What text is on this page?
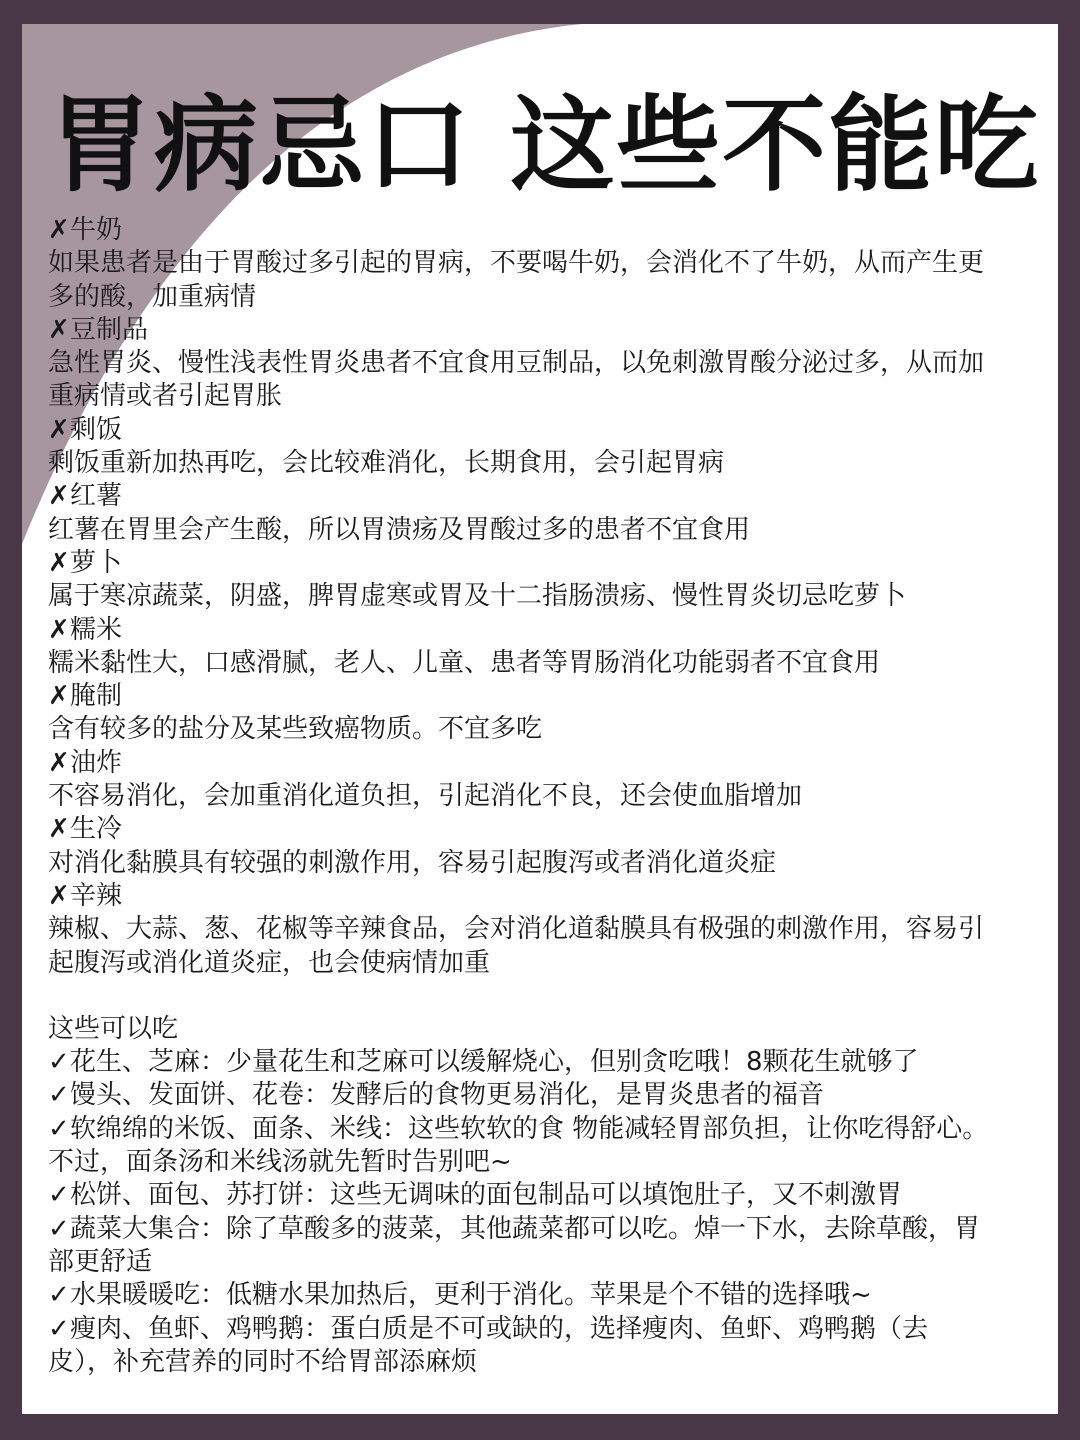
胃病忌口 这些不能吃
✗牛奶
如果患者是由于胃酸过多引起的胃病，不要喝牛奶，会消化不了牛奶，从而产生更
多的酸，加重病情
✗豆制品
急性胃炎、慢性浅表性胃炎患者不宜食用豆制品，以免刺激胃酸分泌过多，从而加
重病情或者引起胃胀
✗剩饭
剩饭重新加热再吃，会比较难消化，长期食用，会引起胃病
✗红薯
红薯在胃里会产生酸，所以胃溃疡及胃酸过多的患者不宜食用
✗萝卜
属于寒凉蔬菜，阴盛，脾胃虚寒或胃及十二指肠溃疡、慢性胃炎切忌吃萝卜
✗糯米
糯米黏性大，口感滑腻，老人、儿童、患者等胃肠消化功能弱者不宜食用
✗腌制
含有较多的盐分及某些致癌物质。不宜多吃
✗油炸
不容易消化，会加重消化道负担，引起消化不良，还会使血脂增加
✗生冷
对消化黏膜具有较强的刺激作用，容易引起腹泻或者消化道炎症
✗辛辣
辣椒、大蒜、葱、花椒等辛辣食品，会对消化道黏膜具有极强的刺激作用，容易引
起腹泻或消化道炎症，也会使病情加重
这些可以吃
✓花生、芝麻：少量花生和芝麻可以缓解烧心，但别贪吃哦！8颗花生就够了
✓馒头、发面饼、花卷：发酵后的食物更易消化，是胃炎患者的福音
✓软绵绵的米饭、面条、米线：这些软软的食 物能减轻胃部负担，让你吃得舒心。
不过，面条汤和米线汤就先暂时告别吧~
✓松饼、面包、苏打饼：这些无调味的面包制品可以填饱肚子，又不刺激胃
✓蔬菜大集合：除了草酸多的菠菜，其他蔬菜都可以吃。焯一下水，去除草酸，胃
部更舒适
✓水果暖暖吃：低糖水果加热后，更利于消化。苹果是个不错的选择哦~
✓瘦肉、鱼虾、鸡鸭鹅：蛋白质是不可或缺的，选择瘦肉、鱼虾、鸡鸭鹅（去
皮），补充营养的同时不给胃部添麻烦
